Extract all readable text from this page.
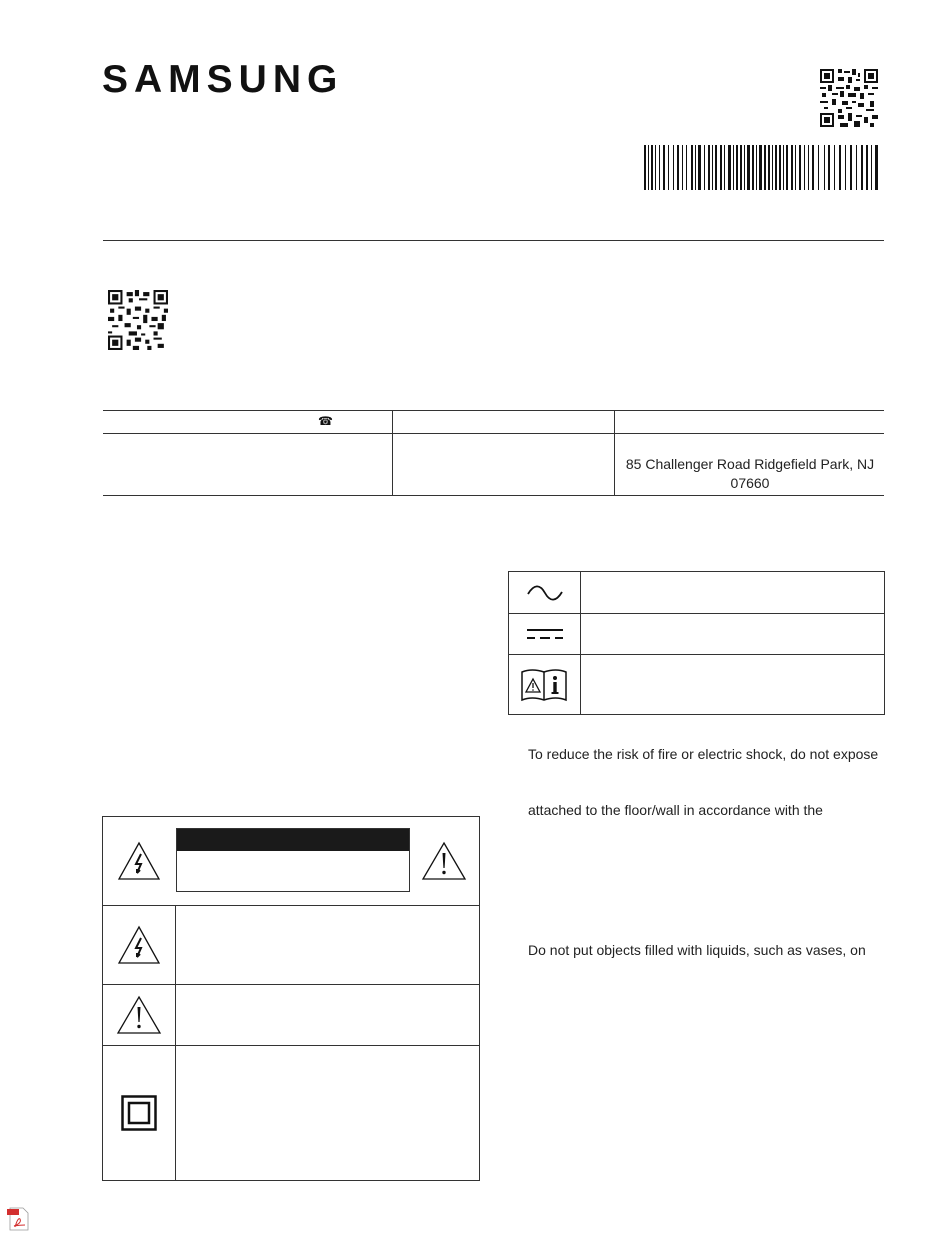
SAMSUNG
☎
85 Challenger Road Ridgefield Park, NJ 07660
To reduce the risk of fire or electric shock, do not expose
attached to the floor/wall in accordance with the
Do not put objects filled with liquids, such as vases, on
